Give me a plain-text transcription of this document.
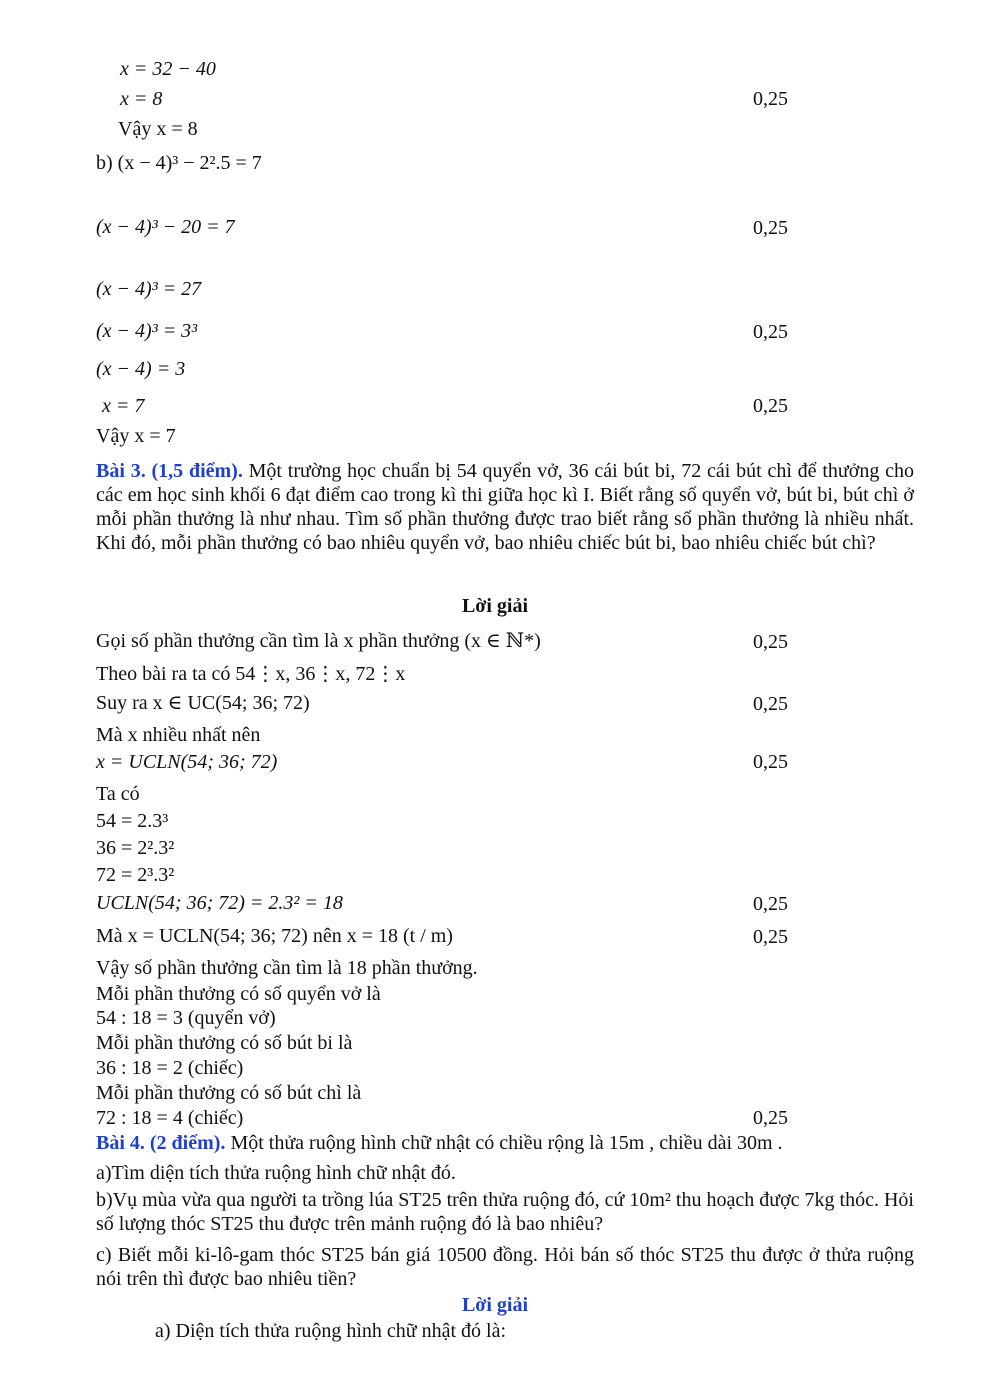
x = 32 − 40
x = 8	0,25
Vậy x = 8
b) (x − 4)³ − 2².5 = 7
(x − 4)³ − 20 = 7	0,25
(x − 4)³ = 27
(x − 4)³ = 3³	0,25
(x − 4) = 3
x = 7	0,25
Vậy x = 7
Bài 3. (1,5 điểm). Một trường học chuẩn bị 54 quyển vở, 36 cái bút bi, 72 cái bút chì để thưởng cho các em học sinh khối 6 đạt điểm cao trong kì thi giữa học kì I. Biết rằng số quyển vở, bút bi, bút chì ở mỗi phần thưởng là như nhau. Tìm số phần thưởng được trao biết rằng số phần thưởng là nhiều nhất. Khi đó, mỗi phần thưởng có bao nhiêu quyển vở, bao nhiêu chiếc bút bi, bao nhiêu chiếc bút chì?
Lời giải
Gọi số phần thưởng cần tìm là x phần thưởng (x ∈ ℕ*)	0,25
Theo bài ra ta có 54⋮x, 36⋮x, 72⋮x
Suy ra x ∈ UC(54; 36; 72)	0,25
Mà x nhiều nhất nên
x = UCLN(54; 36; 72)	0,25
Ta có
54 = 2.3³
36 = 2².3²
72 = 2³.3²
UCLN(54; 36; 72) = 2.3² = 18	0,25
Mà x = UCLN(54; 36; 72) nên x = 18 (t / m)	0,25
Vậy số phần thưởng cần tìm là 18 phần thưởng.
Mỗi phần thưởng có số quyển vở là
54 : 18 = 3 (quyển vở)
Mỗi phần thưởng có số bút bi là
36 : 18 = 2 (chiếc)
Mỗi phần thưởng có số bút chì là
72 : 18 = 4 (chiếc)	0,25
Bài 4. (2 điểm). Một thửa ruộng hình chữ nhật có chiều rộng là 15m , chiều dài 30m .
a)Tìm diện tích thửa ruộng hình chữ nhật đó.
b)Vụ mùa vừa qua người ta trồng lúa ST25 trên thửa ruộng đó, cứ 10m² thu hoạch được 7kg thóc. Hỏi số lượng thóc ST25 thu được trên mảnh ruộng đó là bao nhiêu?
c) Biết mỗi ki-lô-gam thóc ST25 bán giá 10500 đồng. Hỏi bán số thóc ST25 thu được ở thửa ruộng nói trên thì được bao nhiêu tiền?
Lời giải
a) Diện tích thửa ruộng hình chữ nhật đó là:
